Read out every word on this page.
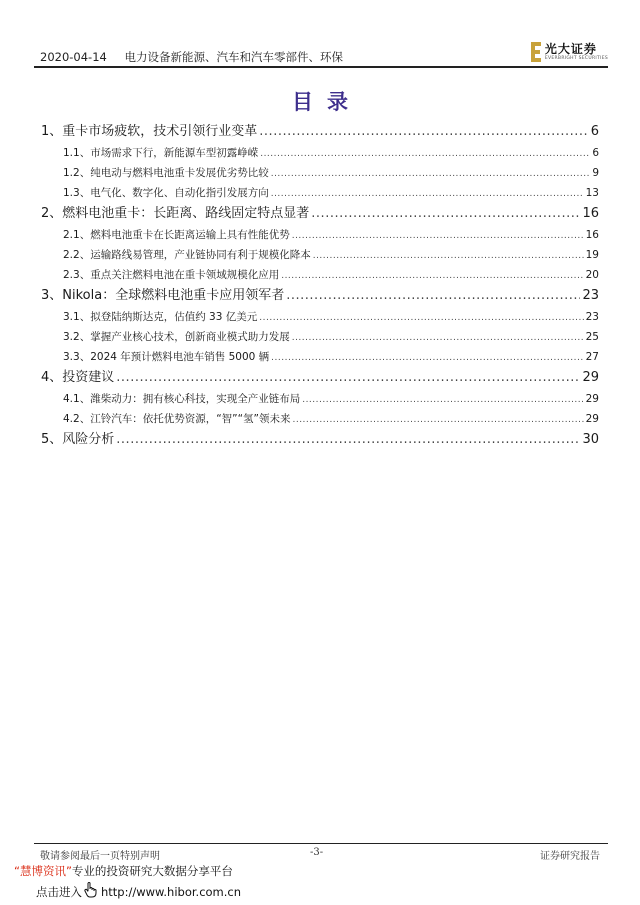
2020-04-14 电力设备新能源、汽车和汽车零部件、环保
光大证券
EVERBRIGHT SECURITIES
目录
1、 重卡市场疲软，技术引领行业变革 .....	6
1.1、 市场需求下行，新能源车型初露峥嵘 .....	6
1.2、 纯电动与燃料电池重卡发展优劣势比较 .....	9
1.3、 电气化、数字化、自动化指引发展方向 .....	13
2、 燃料电池重卡：长距离、路线固定特点显著 .....	16
2.1、 燃料电池重卡在长距离运输上具有性能优势 .....	16
2.2、 运输路线易管理，产业链协同有利于规模化降本 .....	19
2.3、 重点关注燃料电池在重卡领域规模化应用 .....	20
3、 Nikola：全球燃料电池重卡应用领军者 .....	23
3.1、 拟登陆纳斯达克，估值约 33 亿美元 .....	23
3.2、 掌握产业核心技术，创新商业模式助力发展 .....	25
3.3、 2024 年预计燃料电池车销售 5000 辆 .....	27
4、 投资建议 .....	29
4.1、 潍柴动力：拥有核心科技，实现全产业链布局 .....	29
4.2、 江铃汽车：依托优势资源，“智”“氢”领未来 .....	29
5、 风险分析 .....	30
敬请参阅最后一页特别声明	-3-	证券研究报告
“慧博资讯”专业的投资研究大数据分享平台
点击进入 http://www.hibor.com.cn
